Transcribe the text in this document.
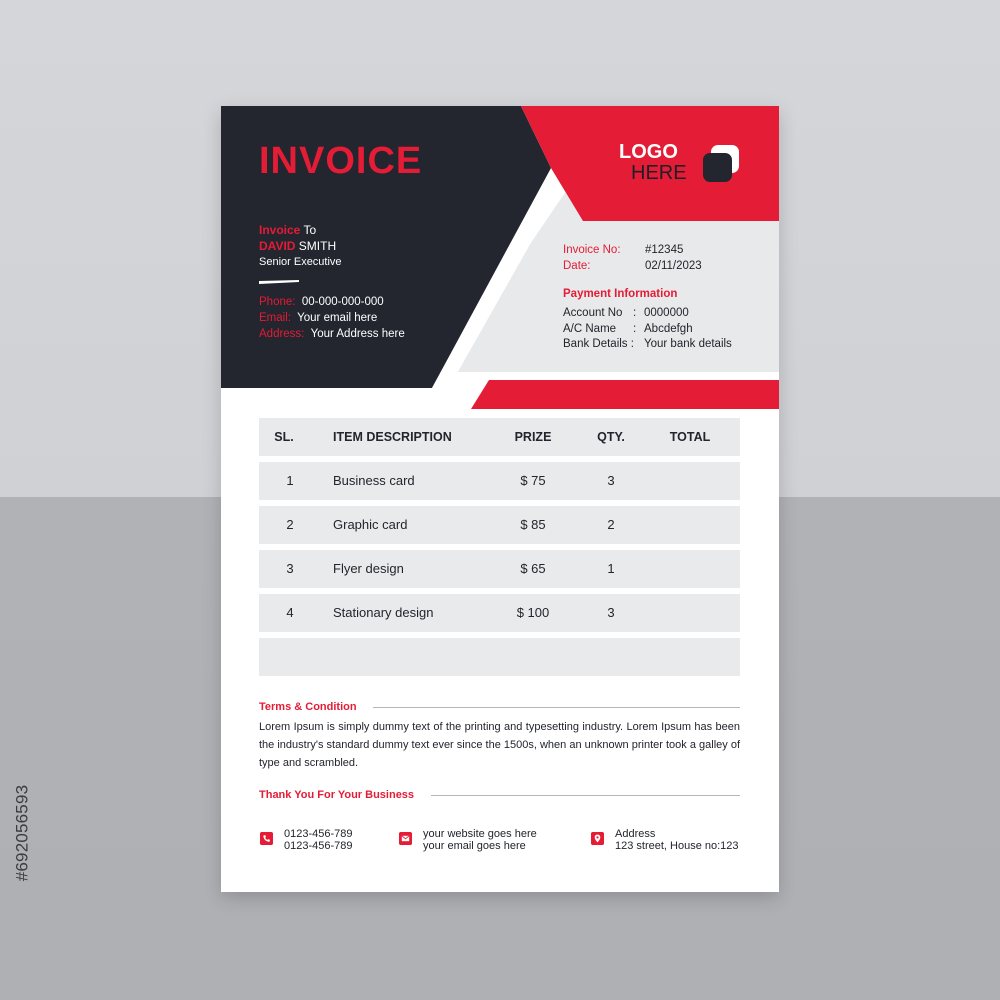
#692056593
INVOICE	LOGO
HERE
Invoice To
DAVID SMITH
Senior Executive
Phone: 00-000-000-000
Email: Your email here
Address: Your Address here
Invoice No:	#12345
Date:	02/11/2023
Payment Information
Account No	:	0000000
A/C Name	:	Abcdefgh
Bank Details :		Your bank details
SL.	ITEM DESCRIPTION	PRIZE	QTY.	TOTAL
1	Business card	$ 75	3
2	Graphic card	$ 85	2
3	Flyer design	$ 65	1
4	Stationary design	$ 100	3
Terms & Condition
Lorem Ipsum is simply dummy text of the printing and typesetting industry. Lorem Ipsum has been the industry's standard dummy text ever since the 1500s, when an unknown printer took a galley of type and scrambled.
Thank You For Your Business
0123-456-789
0123-456-789
your website goes here
your email goes here
Address
123 street, House no:123
